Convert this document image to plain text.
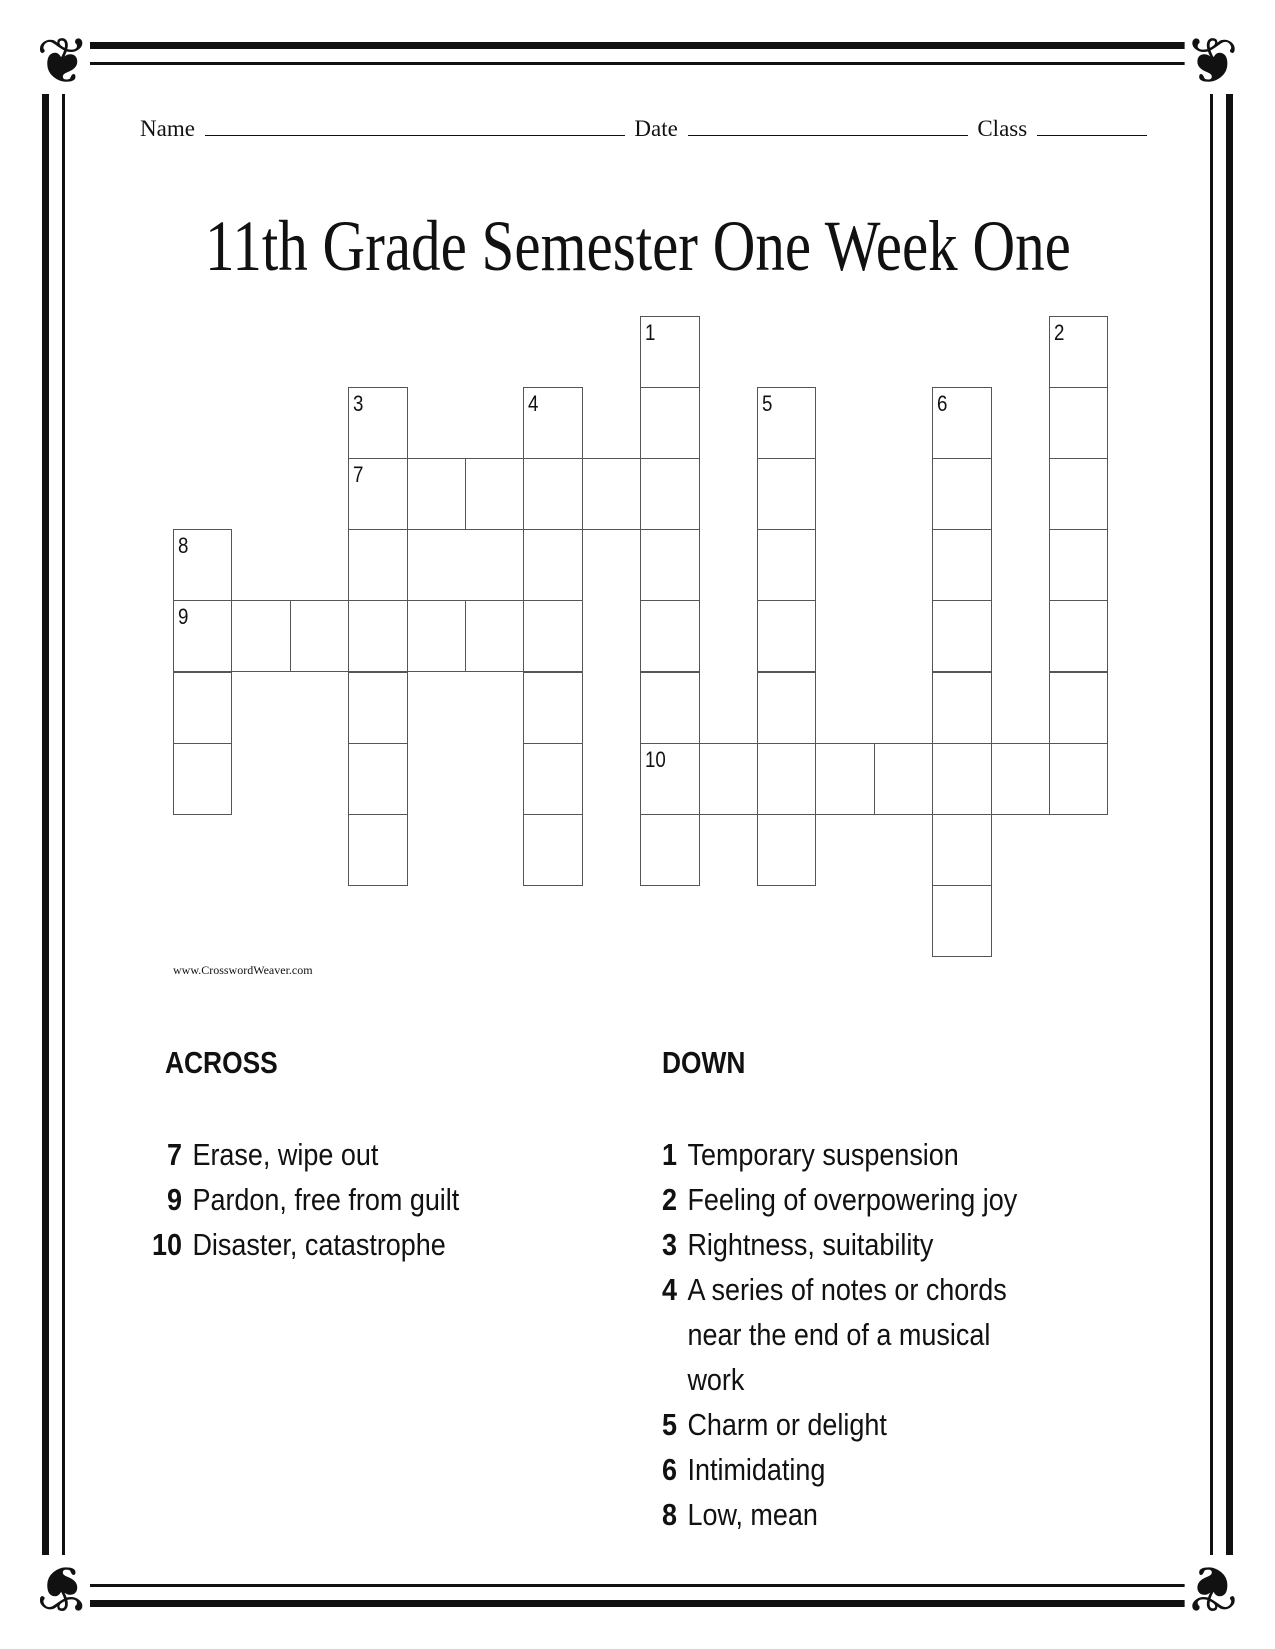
❦	❦
❦	❦
Name	Date	Class
11th Grade Semester One Week One
1
10
2
3
7
4	5	6
8
9
www.CrosswordWeaver.com
ACROSS
7 Erase, wipe out
9 Pardon, free from guilt
10 Disaster, catastrophe
DOWN
1 Temporary suspension
2 Feeling of overpowering joy
3 Rightness, suitability
4 A series of notes or chords near the end of a musical work
5 Charm or delight
6 Intimidating
8 Low, mean
